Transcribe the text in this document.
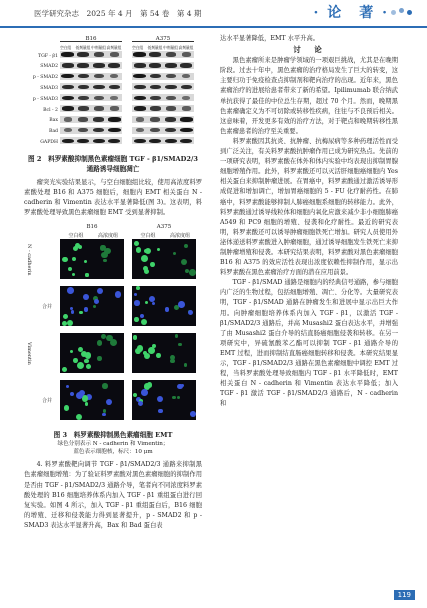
医学研究杂志　2025 年 4 月　第 54 卷　第 4 期	· 论　著 ·
B16	A375
空白组 低剂量组 中剂量组 高剂量组	空白组 低剂量组 中剂量组 高剂量组
TGF - β1
SMAD2
p - SMAD2
SMAD3
p - SMAD3
Bcl - 2
Bax
Bad
GAPDH
图 2　料罗素酸抑制黑色素瘤细胞 TGF - β1/SMAD2/3 通路诱导细胞凋亡
瘤突光实验结果显示，与空白细胞组比较，使用高浓度料罗素酸处理 B16 和 A375 细胞后，细胞内 EMT 相关蛋白 N - cadherin 和 Vimentin 表达水平显著降低(图 3)。这表明，料罗素酸处理导致黑色素瘤细胞 EMT 受到显著抑制。
B16	A375
空白组	高浓度组	空白组	高浓度组
N - cadherin
合并
Vimentin
合并
图 3　料罗素酸抑制黑色素瘤细胞 EMT
绿色分别表示 N - cadherin 和 Vimentin；
蓝色表示细胞核，标尺：10 μm
4. 料罗素酸靶向调节 TGF - β1/SMAD2/3 通路来抑制黑色素瘤细胞增殖：为了验证料罗素酸对黑色素瘤细胞的抑制作用是否由 TGF - β1/SMAD2/3 通路介导，笔者向不同浓度料罗素酸处理的 B16 细胞培养体系内加入 TGF - β1 重组蛋白进行回复实验。如图 4 所示，加入 TGF - β1 重组蛋白后，B16 细胞的增殖、迁移和侵袭能力得到显著提升，p - SMAD2 和 p - SMAD3 表达水平显著升高，Bax 和 Bad 蛋白表
达水平显著降低，EMT 水平升高。
讨　论
黑色素瘤所来是肿瘤学领域的一项艰巨挑战，尤其是在晚期阶段。过去十年中，黑色素瘤的治疗格局发生了巨大的转变，这主要归功于免疫检查点抑制剂和靶向治疗的出现。近年来，黑色素瘤治疗的进展给患者带来了新的希望。Ipilimumab 联合纳武单抗获得了最佳的中位总生存期，超过 70 个月。然而，晚期黑色素瘤确定义为不可切除或转移性疾病，往往与不良预后相关。这意味着，开发更多有效的治疗方法，对于靶点和晚期转移性黑色素瘤患者的治疗至关重要。
料罗素酸因其抗炎、抗肿瘤、抗梅尿病等多种药理活性而受到广泛关注，有关料罗素酸抗肿瘤作用已成为研究热点。先前的一项研究表明，料罗素酸在体外和体内实验中均表现出抑制胃腺细胞增殖作用。此外，料罗素酸还可以灭活肝细胞癌细胞内 Yes 相关蛋白来抑制肿瘤进展。在胃癌中，料罗素酸通过激活诱导形成促进和增加调亡，增加胃癌细胞的 5 - FU 化疗耐药性。在肺癌中，料罗素酸能够抑制人肺癌细胞系细胞的转移能力。此外，料罗素酸通过诱导线粒体和细胞内氧化应激来减少非小细胞肺癌 A549 和 PC9 细胞的增殖、侵袭和化疗耐性。最近的研究表明，料罗素酸还可以诱导肿瘤细胞铁死亡增加。研究人员使用外泌体递送料罗素酸进入肿瘤细胞，通过诱导细胞发生铁死亡来抑制肿瘤增殖和侵袭。本研究结果表明，料罗素酸对黑色素瘤细胞 B16 和 A375 的效应活性表现出浓度依赖性抑制作用，显示出料罗素酸在黑色素瘤治疗方面的潜在应用前景。
TGF - β1/SMAD 通路是细胞内的经典信号通路，参与细胞内广泛的生物过程，包括细胞增殖、凋亡、分化等。大量研究表明，TGF - β1/SMAD 通路在肿瘤发生和进展中显示出巨大作用。向肿瘤细胞培养体系内加入 TGF - β1，以激活 TGF - β1/SMAD2/3 通路后，并高 Musashi2 蛋白表达水平，并增强了由 Musashi2 蛋白介导的结直肠癌细胞侵袭和转移。在另一项研究中，异硫氰酸苯乙酯可以抑制 TGF - β1 通路介导的 EMT 过程，进而抑制结直肠癌细胞转移和侵袭。本研究结果显示，TGF - β1/SMAD2/3 通路在黑色素瘤细胞中调控 EMT 过程，当料罗素酸处理导致细胞内 TGF - β1 水平降低时，EMT 相关蛋白 N - cadherin 和 Vimentin 表达水平降低；加入 TGF - β1 激活 TGF - β1/SMAD2/3 通路后，N - cadherin 和
119
